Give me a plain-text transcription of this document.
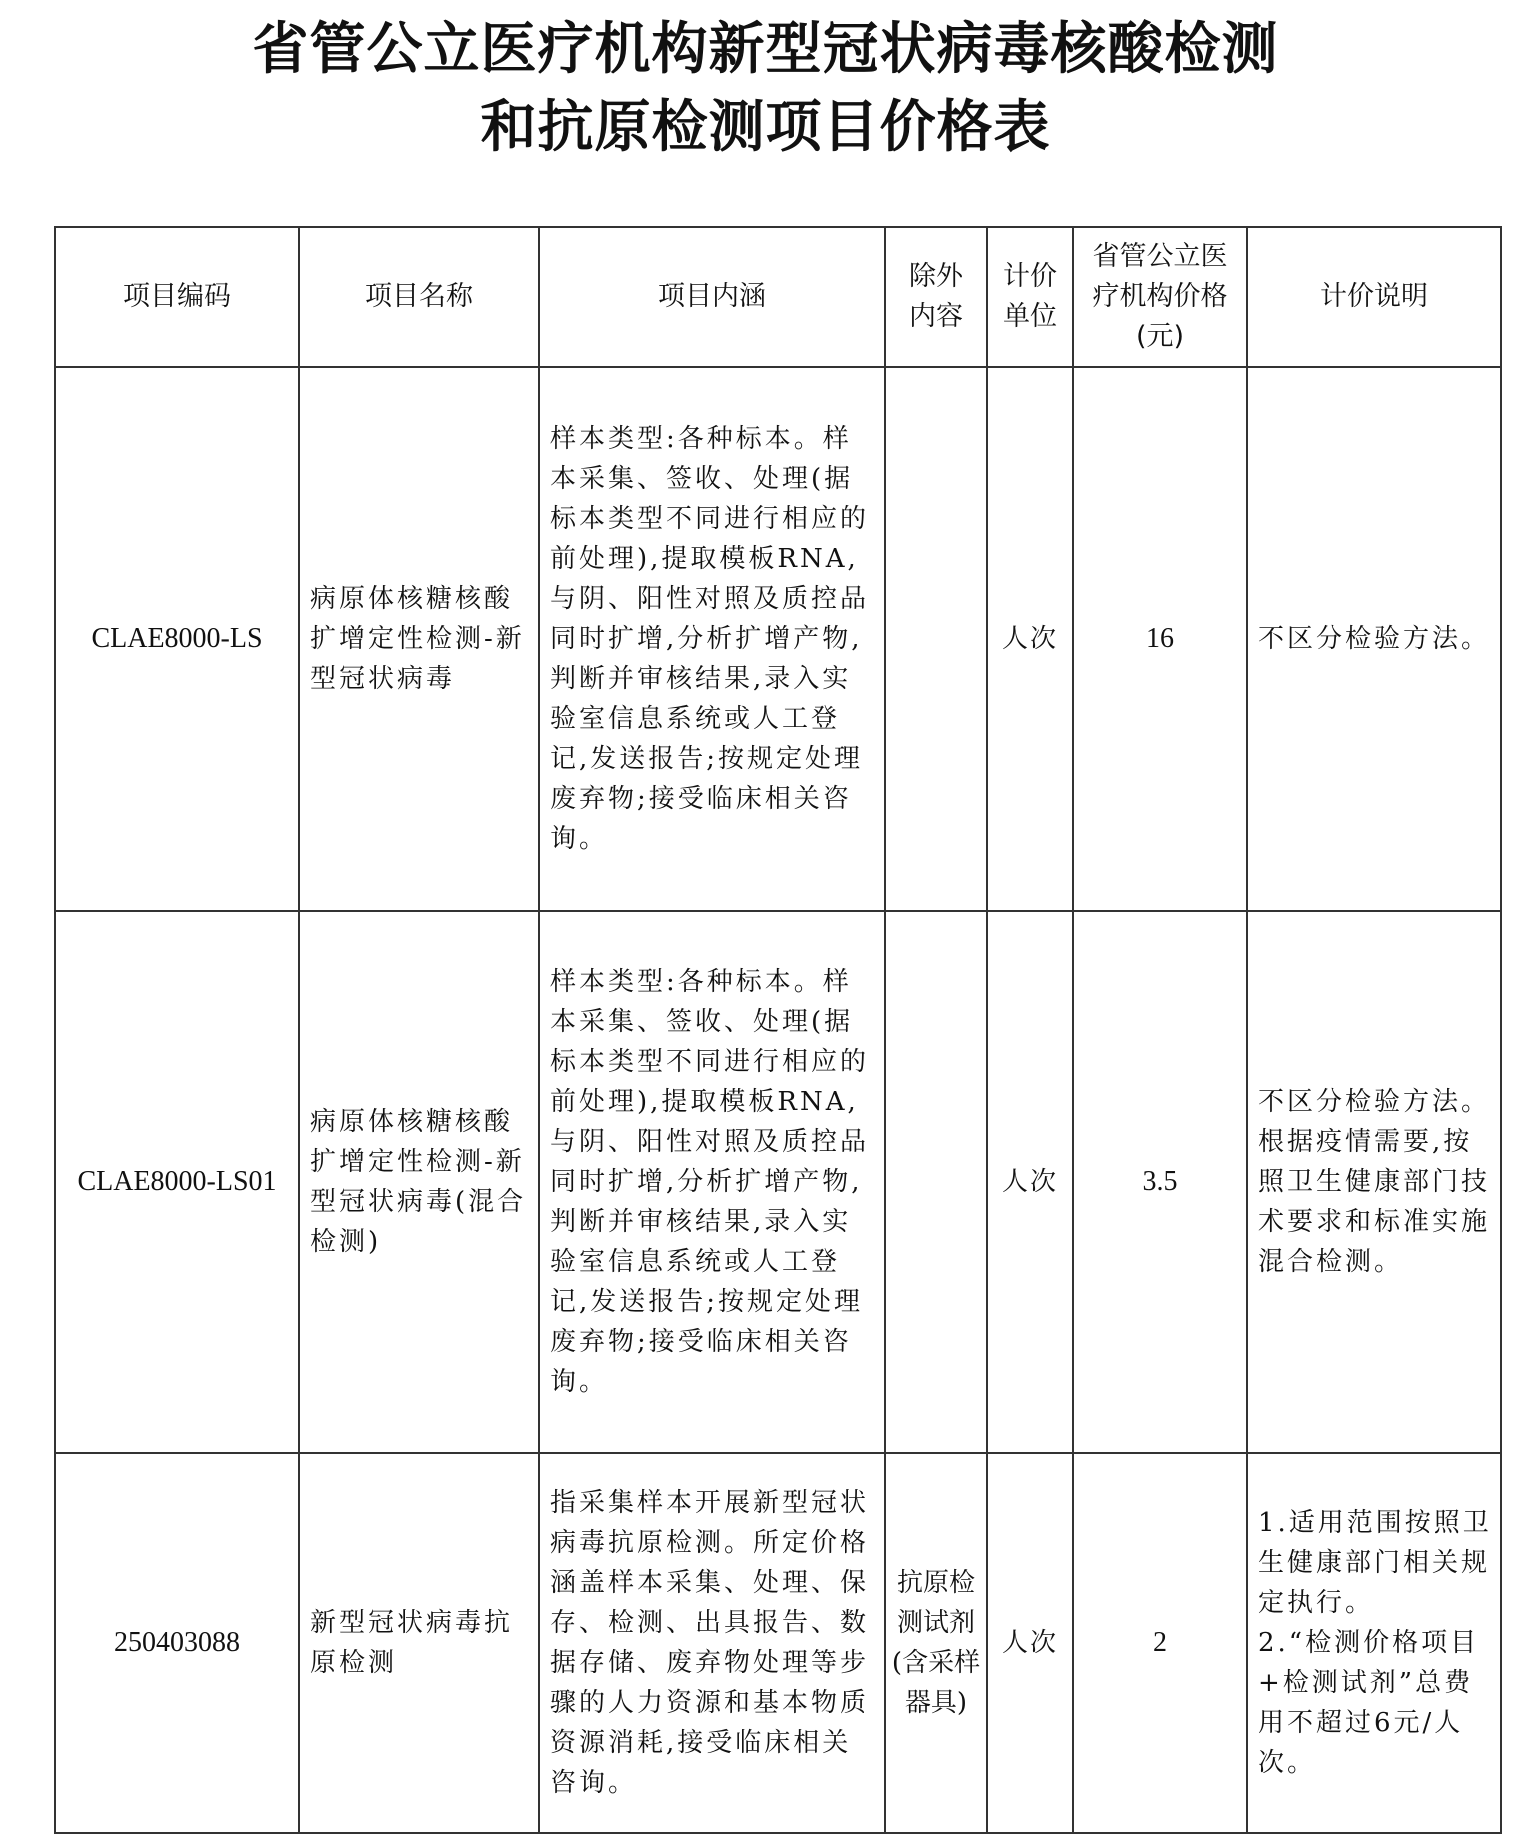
省管公立医疗机构新型冠状病毒核酸检测
和抗原检测项目价格表
项目编码	项目名称	项目内涵	除外内容	计价单位	省管公立医疗机构价格(元)	计价说明
CLAE8000-LS	病原体核糖核酸扩增定性检测-新型冠状病毒	样本类型:各种标本。样本采集、签收、处理(据标本类型不同进行相应的前处理),提取模板RNA,与阴、阳性对照及质控品同时扩增,分析扩增产物,判断并审核结果,录入实验室信息系统或人工登记,发送报告;按规定处理废弃物;接受临床相关咨询。		人次	16	不区分检验方法。

CLAE8000-LS01	病原体核糖核酸扩增定性检测-新型冠状病毒(混合检测)	样本类型:各种标本。样本采集、签收、处理(据标本类型不同进行相应的前处理),提取模板RNA,与阴、阳性对照及质控品同时扩增,分析扩增产物,判断并审核结果,录入实验室信息系统或人工登记,发送报告;按规定处理废弃物;接受临床相关咨询。		人次	3.5	不区分检验方法。根据疫情需要,按照卫生健康部门技术要求和标准实施混合检测。

250403088	新型冠状病毒抗原检测	指采集样本开展新型冠状病毒抗原检测。所定价格涵盖样本采集、处理、保存、检测、出具报告、数据存储、废弃物处理等步骤的人力资源和基本物质资源消耗,接受临床相关咨询。	抗原检测试剂(含采样器具)	人次	2	1.适用范围按照卫生健康部门相关规定执行。
2.“检测价格项目+检测试剂”总费用不超过6元/人次。
